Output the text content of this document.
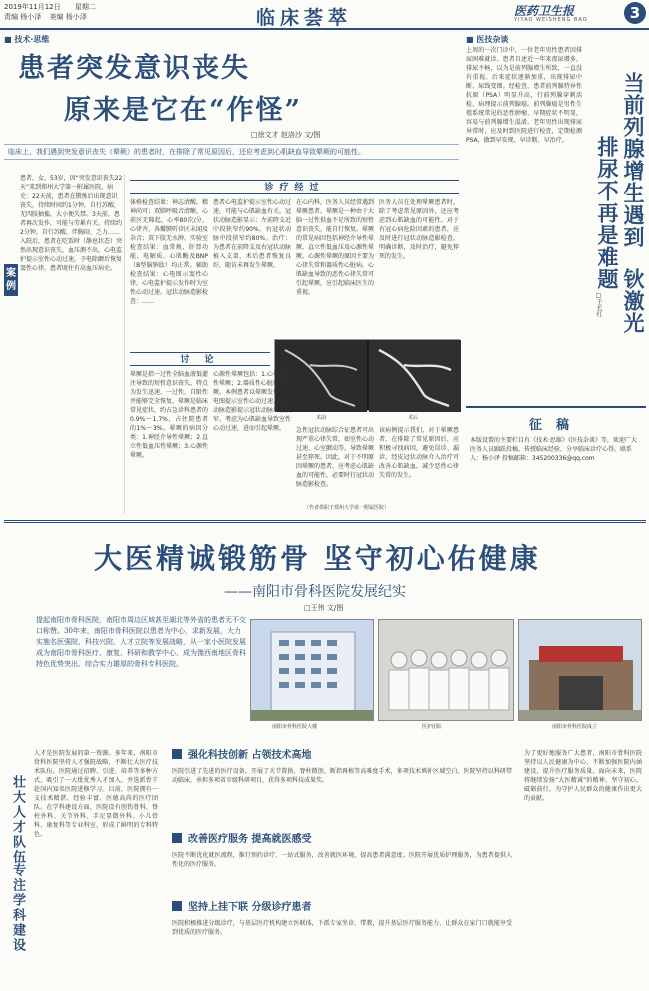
2019年11月12日 星期二
责编 杨小泽 美编 杨小泽	临床荟萃	医药卫生报
YIYAO WEISHENG BAO	3
■ 技术·思维
患者突发意识丧失
原来是它在“作怪”
□徐文才 赵洛沙 文/图
临床上，我们遇到突发意识丧失（晕厥）的患者时，在排除了常见原因后，还应考虑到心肌缺血导致晕厥的可能性。
案例
患者，女，53岁，因“突发意识丧失22天”来到郑州大学第一附属医院。病史：22天前，患者在锻炼后出现意识丧失，持续时间约1分钟，自行苏醒，无四肢抽搐、大小便失禁。3天前，患者再次发作，可能与劳累有关，持续约2分钟，自行苏醒，伴胸闷、乏力……入院后，患者在吃饭时（静息状态）突然出现意识丧失，血压测不出，心电监护提示室性心动过速，予电除颤后恢复窦性心律。患者既往有高血压病史。
诊疗经过
体格检查结果：神志清醒，精神尚可；双肺呼吸音清晰，心前区无隆起，心率80次/分，心律齐，各瓣膜听诊区未闻及杂音；双下肢无水肿。实验室检查结果：血常规、肝肾功能、电解质、心肌酶及BNP（B型脑钠肽）均正常。辅助检查结果：心电图示窦性心律，心电监护提示发作时为室性心动过速。冠状动脉造影检查：……
患者心电监护提示室性心动过速，可能与心肌缺血有关。冠状动脉造影显示：左前降支近中段狭窄约90%，右冠状动脉中段狭窄约80%。治疗：为患者在前降支及右冠状动脉植入支架，术后患者恢复良好，随访未再发生晕厥。
在心内科，医务人员经常遇到晕厥患者。晕厥是一种由于大脑一过性供血不足所致的短暂意识丧失，能自行恢复。晕厥的常见病因包括神经介导性晕厥、直立性低血压及心源性晕厥。心源性晕厥的原因主要为心律失常和器质性心脏病。心肌缺血导致的恶性心律失常可引起晕厥，应引起临床医生的重视。
医务人员在处理晕厥患者时，除了考虑常见原因外，还应考虑到心肌缺血的可能性。对于有冠心病危险因素的患者，应及时进行冠状动脉造影检查，明确诊断，及时治疗，避免猝死的发生。
术前	术后
讨 论
晕厥是指一过性全脑血液低灌注导致的短暂意识丧失，特点为发生迅速、一过性、自限性并能够完全恢复。晕厥是临床常见症状，约占急诊科患者的0.9%～1.7%，占住院患者的1%～3%。晕厥的病因分类：1.神经介导性晕厥；2.直立性低血压性晕厥；3.心源性晕厥。
心源性晕厥包括：1.心律失常性晕厥；2.器质性心脏病性晕厥。本例患者以晕厥发作，心电图提示室性心动过速，冠状动脉造影提示冠状动脉严重狭窄，考虑为心肌缺血导致室性心动过速，进而引起晕厥。	急性冠状动脉综合征患者可出现严重心律失常，如室性心动过速、心室颤动等，导致晕厥甚至猝死。因此，对于不明原因晕厥的患者，应考虑心肌缺血的可能性，必要时行冠状动脉造影检查。
该病例提示我们，对于晕厥患者，在排除了常见原因后，应积极寻找病因，避免误诊、漏诊。经皮冠状动脉介入治疗可改善心肌缺血，减少恶性心律失常的发生。
（作者供职于郑州大学第一附属医院）
■ 医技杂谈
上周的一次门诊中，一位老年男性患者因排尿困难就诊。患者自述近一年来夜尿增多，排尿不畅，以为是前列腺增生所致，一直没有重视。后来症状逐渐加重，出现排尿中断、尿线变细。经检查，患者前列腺特异性抗原（PSA）明显升高，行前列腺穿刺活检，病理提示前列腺癌。前列腺癌是男性生殖系统常见的恶性肿瘤，早期症状不明显，容易与前列腺增生混淆。老年男性出现排尿异常时，应及时到医院进行检查，定期检测PSA，做到早发现、早诊断、早治疗。	当前列腺增生遇到
钬激光
排尿不再是难题
□王长红
征稿
本版设置的主要栏目有《技术·思维》《医技杂谈》等，欢迎广大医务人员踊跃投稿，传授临床经验，分享临床诊疗心得。联系人：杨小泽 投稿邮箱：345200336@qq.com
大医精诚锻筋骨 坚守初心佑健康
——南阳市骨科医院发展纪实
□王伟 文/图
提起南阳市骨科医院，南阳市周边区域甚至湖北等外省的患者无不交口称赞。30年来，南阳市骨科医院以患者为中心，求新发展，大力实施名医强院、科技兴院、人才立院等发展战略，从一家小医院发展成为南阳市骨科医疗、康复、科研和教学中心，成为豫西南地区骨科特色优势突出、综合实力雄厚的骨科专科医院。
南阳市骨科医院大楼	医护团队	南阳市骨科医院成立
壮大人才队伍
专注学科建设
人才是医院发展的第一资源。多年来，南阳市骨科医院坚持人才强院战略，不断壮大医疗技术队伍。医院通过招聘、引进、培养等多种方式，吸引了一大批优秀人才加入，并选派骨干赴国内知名医院进修学习。目前，医院拥有一支技术精湛、经验丰富、医德高尚的医疗团队。在学科建设方面，医院设有创伤骨科、脊柱外科、关节外科、手足显微外科、小儿骨科、康复科等专业科室，形成了鲜明的专科特色。
强化科技创新 占领技术高地
医院引进了先进的医疗设备，开展了关节置换、脊柱微创、断指再植等高难度手术，多项技术填补区域空白。医院坚持以科研带动临床，承担多项省市级科研项目，获得多项科技成果奖。
改善医疗服务 提高就医感受
医院不断优化就医流程，推行预约诊疗、一站式服务，改善就医环境，提高患者满意度。医院开展优质护理服务，为患者提供人性化的医疗服务。
坚持上挂下联 分级诊疗患者
医院积极推进分级诊疗，与基层医疗机构建立医联体，下派专家坐诊、带教，提升基层医疗服务能力，让群众在家门口就能享受到优质的医疗服务。
为了更好地服务广大患者，南阳市骨科医院坚持以人民健康为中心，不断加强医院内涵建设，提升医疗服务质量。面向未来，医院将继续发扬“大医精诚”的精神，坚守初心，砥砺前行，为守护人民群众的健康作出更大的贡献。
